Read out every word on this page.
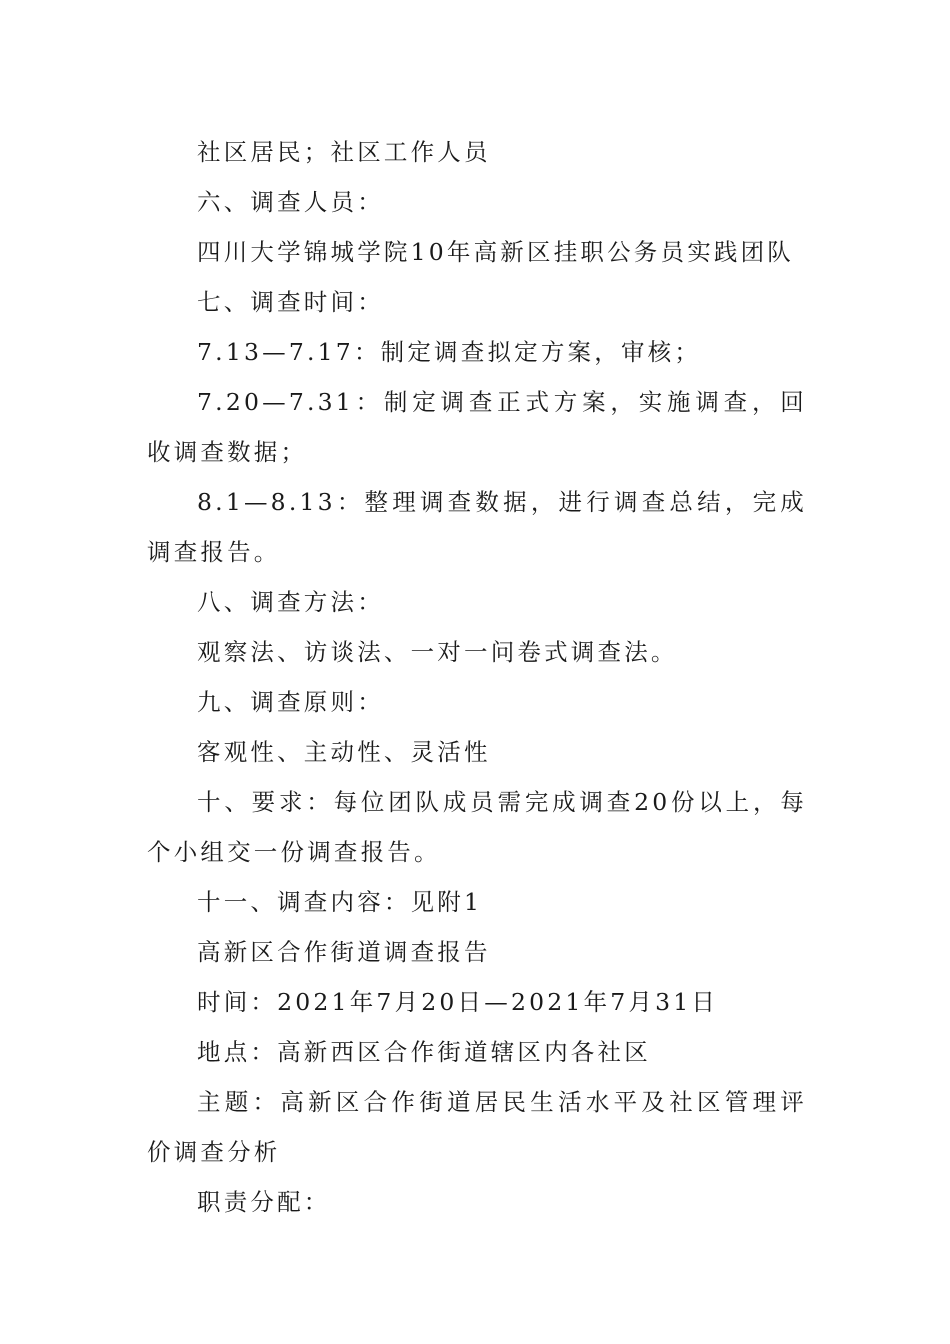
社区居民；社区工作人员

六、调查人员：

四川大学锦城学院10年高新区挂职公务员实践团队

七、调查时间：

7.13—7.17：制定调查拟定方案，审核；

7.20—7.31：制定调查正式方案，实施调查，回收调查数据；

8.1—8.13：整理调查数据，进行调查总结，完成调查报告。

八、调查方法：

观察法、访谈法、一对一问卷式调查法。

九、调查原则：

客观性、主动性、灵活性

十、要求：每位团队成员需完成调查20份以上，每个小组交一份调查报告。

十一、调查内容：见附1

高新区合作街道调查报告

时间：2021年7月20日—2021年7月31日

地点：高新西区合作街道辖区内各社区

主题：高新区合作街道居民生活水平及社区管理评价调查分析

职责分配：
